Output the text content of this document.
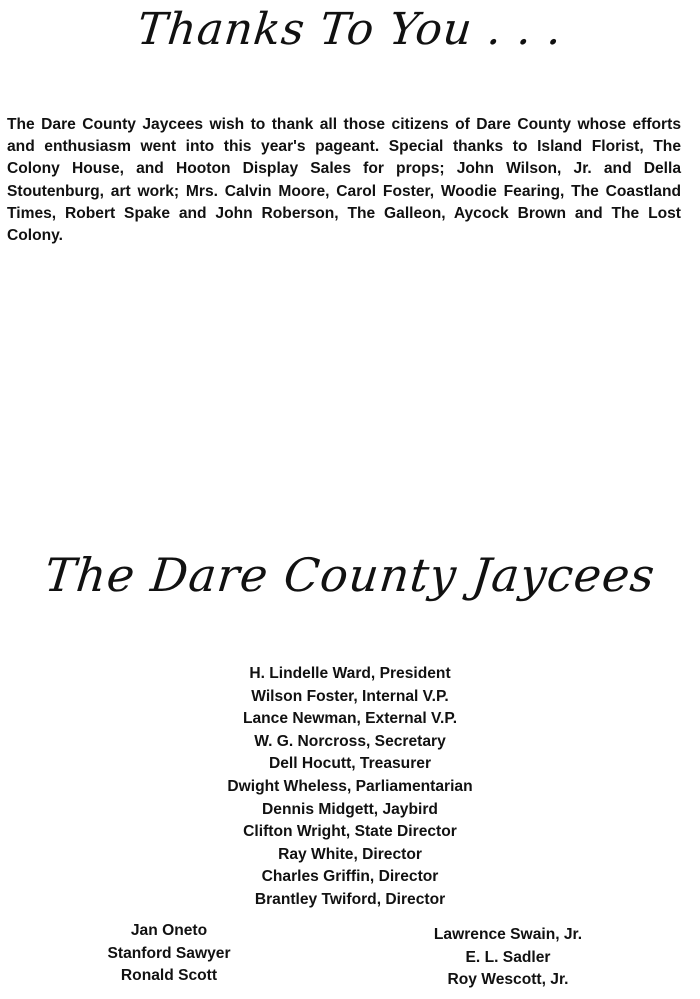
Thanks To You . . .

The Dare County Jaycees wish to thank all those citizens of Dare County whose efforts and enthusiasm went into this year's pageant. Special thanks to Island Florist, The Colony House, and Hooton Display Sales for props; John Wilson, Jr. and Della Stoutenburg, art work; Mrs. Calvin Moore, Carol Foster, Woodie Fearing, The Coastland Times, Robert Spake and John Roberson, The Galleon, Aycock Brown and The Lost Colony.

The Dare County Jaycees
H. Lindelle Ward, President
Wilson Foster, Internal V.P.
Lance Newman, External V.P.
W. G. Norcross, Secretary
Dell Hocutt, Treasurer
Dwight Wheless, Parliamentarian
Dennis Midgett, Jaybird
Clifton Wright, State Director
Ray White, Director
Charles Griffin, Director
Brantley Twiford, Director
Jan Oneto
Stanford Sawyer
Ronald Scott
Lawrence Swain, Jr.
E. L. Sadler
Roy Wescott, Jr.
